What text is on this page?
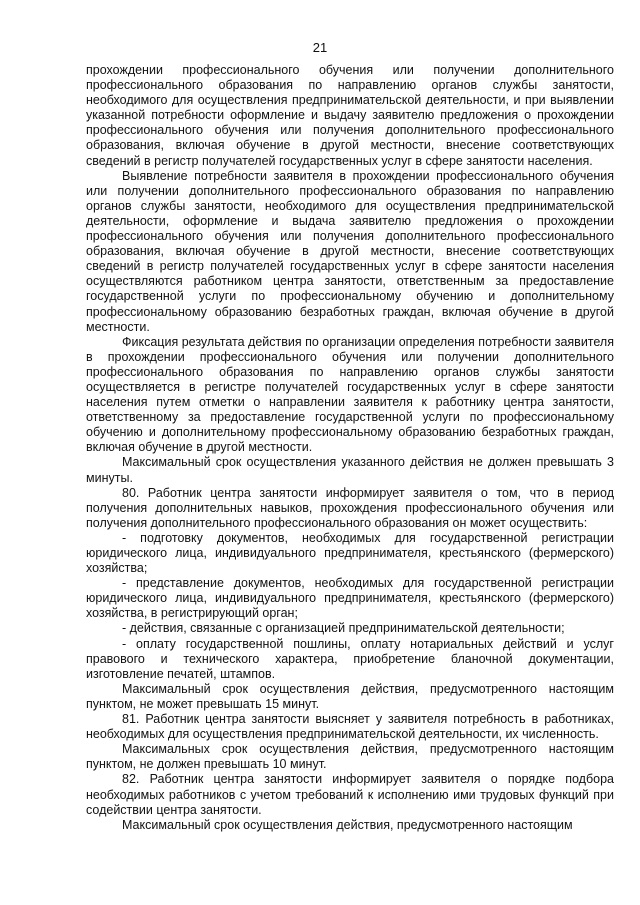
21

прохождении профессионального обучения или получении дополнительного профессионального образования по направлению органов службы занятости, необходимого для осуществления предпринимательской деятельности, и при выявлении указанной потребности оформление и выдачу заявителю предложения о прохождении профессионального обучения или получения дополнительного профессионального образования, включая обучение в другой местности, внесение соответствующих сведений в регистр получателей государственных услуг в сфере занятости населения.

Выявление потребности заявителя в прохождении профессионального обучения или получении дополнительного профессионального образования по направлению органов службы занятости, необходимого для осуществления предпринимательской деятельности, оформление и выдача заявителю предложения о прохождении профессионального обучения или получения дополнительного профессионального образования, включая обучение в другой местности, внесение соответствующих сведений в регистр получателей государственных услуг в сфере занятости населения осуществляются работником центра занятости, ответственным за предоставление государственной услуги по профессиональному обучению и дополнительному профессиональному образованию безработных граждан, включая обучение в другой местности.

Фиксация результата действия по организации определения потребности заявителя в прохождении профессионального обучения или получении дополнительного профессионального образования по направлению органов службы занятости осуществляется в регистре получателей государственных услуг в сфере занятости населения путем отметки о направлении заявителя к работнику центра занятости, ответственному за предоставление государственной услуги по профессиональному обучению и дополнительному профессиональному образованию безработных граждан, включая обучение в другой местности.

Максимальный срок осуществления указанного действия не должен превышать 3 минуты.

80. Работник центра занятости информирует заявителя о том, что в период получения дополнительных навыков, прохождения профессионального обучения или получения дополнительного профессионального образования он может осуществить:

- подготовку документов, необходимых для государственной регистрации юридического лица, индивидуального предпринимателя, крестьянского (фермерского) хозяйства;

- представление документов, необходимых для государственной регистрации юридического лица, индивидуального предпринимателя, крестьянского (фермерского) хозяйства, в регистрирующий орган;

- действия, связанные с организацией предпринимательской деятельности;

- оплату государственной пошлины, оплату нотариальных действий и услуг правового и технического характера, приобретение бланочной документации, изготовление печатей, штампов.

Максимальный срок осуществления действия, предусмотренного настоящим пунктом, не может превышать 15 минут.

81. Работник центра занятости выясняет у заявителя потребность в работниках, необходимых для осуществления предпринимательской деятельности, их численность.

Максимальных срок осуществления действия, предусмотренного настоящим пунктом, не должен превышать 10 минут.

82. Работник центра занятости информирует заявителя о порядке подбора необходимых работников с учетом требований к исполнению ими трудовых функций при содействии центра занятости.

Максимальный срок осуществления действия, предусмотренного настоящим
